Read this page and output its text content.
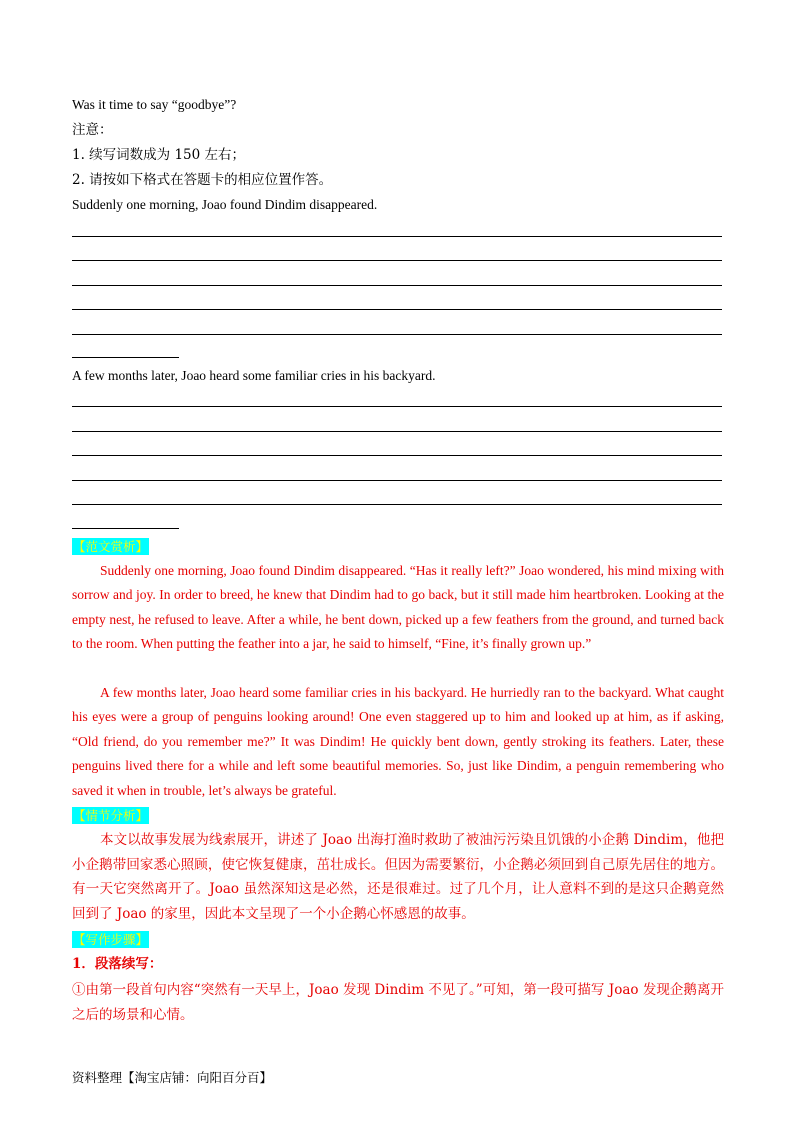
Was it time to say “goodbye”?
注意：
1. 续写词数成为 150 左右；
2. 请按如下格式在答题卡的相应位置作答。
Suddenly one morning, Joao found Dindim disappeared.
A few months later, Joao heard some familiar cries in his backyard.
【范文赏析】
Suddenly one morning, Joao found Dindim disappeared. “Has it really left?” Joao wondered, his mind mixing with sorrow and joy. In order to breed, he knew that Dindim had to go back, but it still made him heartbroken. Looking at the empty nest, he refused to leave. After a while, he bent down, picked up a few feathers from the ground, and turned back to the room. When putting the feather into a jar, he said to himself, “Fine, it’s finally grown up.”
A few months later, Joao heard some familiar cries in his backyard. He hurriedly ran to the backyard. What caught his eyes were a group of penguins looking around! One even staggered up to him and looked up at him, as if asking, “Old friend, do you remember me?” It was Dindim! He quickly bent down, gently stroking its feathers. Later, these penguins lived there for a while and left some beautiful memories. So, just like Dindim, a penguin remembering who saved it when in trouble, let’s always be grateful.
【情节分析】
本文以故事发展为线索展开，讲述了 Joao 出海打渔时救助了被油污污染且饥饿的小企鹅 Dindim，他把小企鹅带回家悉心照顾，使它恢复健康，茁壮成长。但因为需要繁衍，小企鹅必须回到自己原先居住的地方。有一天它突然离开了。Joao 虽然深知这是必然，还是很难过。过了几个月，让人意料不到的是这只企鹅竟然回到了 Joao 的家里，因此本文呈现了一个小企鹅心怀感恩的故事。
【写作步骤】
1．段落续写：
①由第一段首句内容“突然有一天早上，Joao 发现 Dindim 不见了。”可知，第一段可描写 Joao 发现企鹅离开之后的场景和心情。
资料整理【淘宝店铺：向阳百分百】
